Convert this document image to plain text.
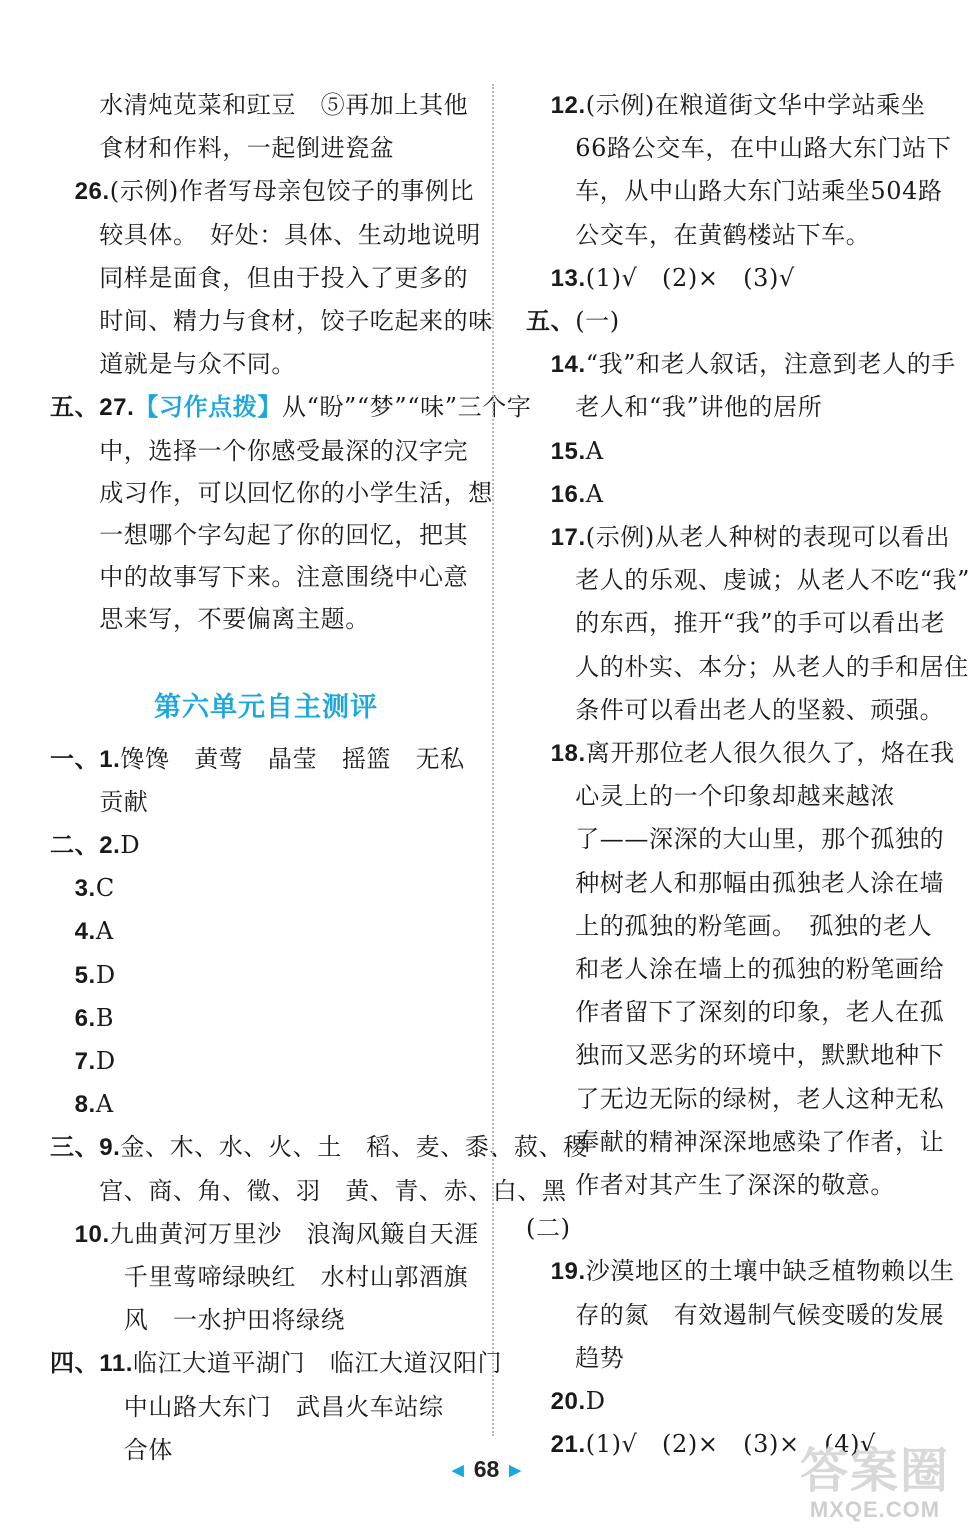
　　水清炖苋菜和豇豆　⑤再加上其他
　　食材和作料，一起倒进瓷盆
　26.(示例)作者写母亲包饺子的事例比
　　较具体。　好处：具体、生动地说明
　　同样是面食，但由于投入了更多的
　　时间、精力与食材，饺子吃起来的味
　　道就是与众不同。
五、27.【习作点拨】从“盼”“梦”“味”三个字
　　中，选择一个你感受最深的汉字完
　　成习作，可以回忆你的小学生活，想
　　一想哪个字勾起了你的回忆，把其
　　中的故事写下来。注意围绕中心意
　　思来写，不要偏离主题。
第六单元自主测评
一、1.馋馋　黄莺　晶莹　摇篮　无私
　　贡献
二、2.D
　3.C
　4.A
　5.D
　6.B
　7.D
　8.A
三、9.金、木、水、火、土　稻、麦、黍、菽、稷
　　宫、商、角、徵、羽　黄、青、赤、白、黑
　10.九曲黄河万里沙　浪淘风簸自天涯
　　　千里莺啼绿映红　水村山郭酒旗
　　　风　一水护田将绿绕
四、11.临江大道平湖门　临江大道汉阳门
　　　中山路大东门　武昌火车站综
　　　合体
　12.(示例)在粮道街文华中学站乘坐
　　66路公交车，在中山路大东门站下
　　车，从中山路大东门站乘坐504路
　　公交车，在黄鹤楼站下车。
　13.(1)√　(2)×　(3)√
五、(一)
　14.“我”和老人叙话，注意到老人的手
　　老人和“我”讲他的居所
　15.A
　16.A
　17.(示例)从老人种树的表现可以看出
　　老人的乐观、虔诚；从老人不吃“我”
　　的东西，推开“我”的手可以看出老
　　人的朴实、本分；从老人的手和居住
　　条件可以看出老人的坚毅、顽强。
　18.离开那位老人很久很久了，烙在我
　　心灵上的一个印象却越来越浓
　　了——深深的大山里，那个孤独的
　　种树老人和那幅由孤独老人涂在墙
　　上的孤独的粉笔画。　孤独的老人
　　和老人涂在墙上的孤独的粉笔画给
　　作者留下了深刻的印象，老人在孤
　　独而又恶劣的环境中，默默地种下
　　了无边无际的绿树，老人这种无私
　　奉献的精神深深地感染了作者，让
　　作者对其产生了深深的敬意。
(二)
　19.沙漠地区的土壤中缺乏植物赖以生
　　存的氮　有效遏制气候变暖的发展
　　趋势
　20.D
　21.(1)√　(2)×　(3)×　(4)√
◀ 68 ▶	答案圈
MXQE.COM
